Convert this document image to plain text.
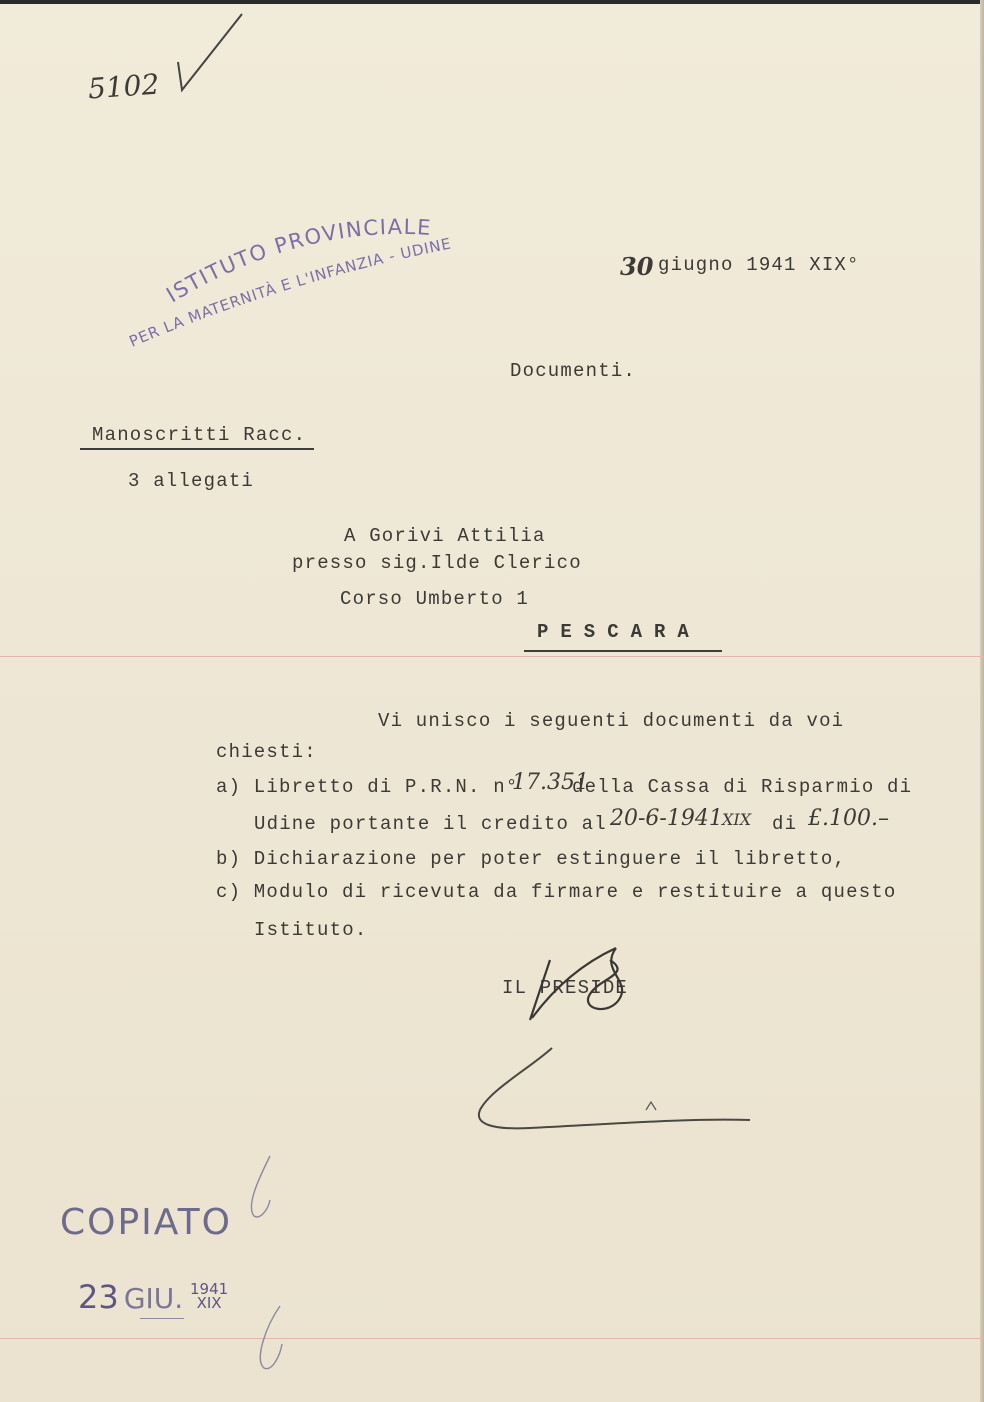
5102
ISTITUTO PROVINCIALE
PER LA MATERNITÀ E L'INFANZIA - UDINE
30 giugno 1941 XIX°
Documenti.
Manoscritti Racc.
3 allegati
A Gorivi Attilia
presso sig.Ilde Clerico
Corso Umberto 1
PESCARA
Vi unisco i seguenti documenti da voi
chiesti:
a) Libretto di P.R.N. n°
17.351
della Cassa di Risparmio di
Udine portante il credito al 20-6-1941 XIX di £.100.–
b) Dichiarazione per poter estinguere il libretto,
c) Modulo di ricevuta da firmare e restituire a questo
Istituto.
IL PRESIDE
COPIATO
23 GIU. 1941
XIX
